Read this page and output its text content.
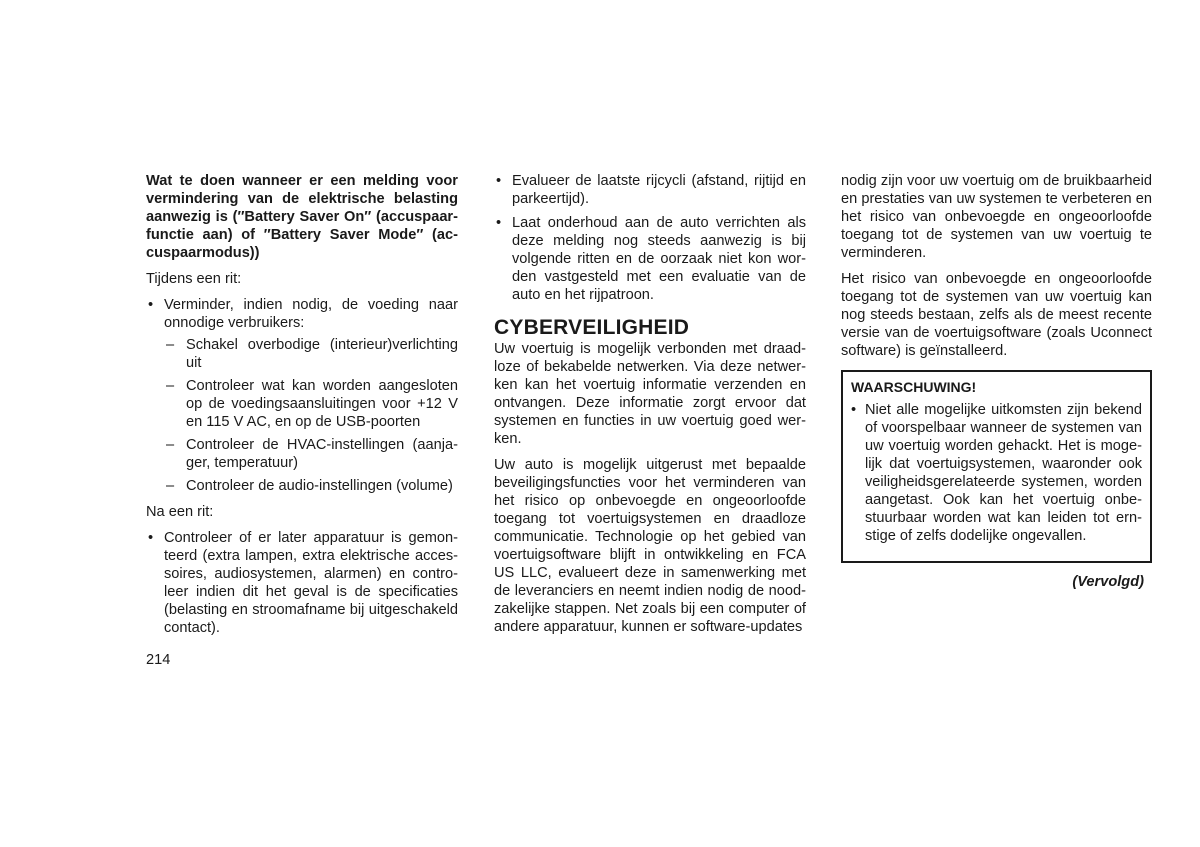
Wat te doen wanneer er een melding voor vermindering van de elektrische belasting aanwezig is (″Battery Saver On″ (accuspaarfunctie aan) of ″Battery Saver Mode″ (accuspaarmodus))

Tijdens een rit:

• Verminder, indien nodig, de voeding naar onnodige verbruikers:
– Schakel overbodige (interieur)verlichting uit
– Controleer wat kan worden aangesloten op de voedingsaansluitingen voor +12 V en 115 V AC, en op de USB-poorten
– Controleer de HVAC-instellingen (aanjager, temperatuur)
– Controleer de audio-instellingen (volume)

Na een rit:

• Controleer of er later apparatuur is gemonteerd (extra lampen, extra elektrische accessoires, audiosystemen, alarmen) en controleer indien dit het geval is de specificaties (belasting en stroomafname bij uitgeschakeld contact).
• Evalueer de laatste rijcycli (afstand, rijtijd en parkeertijd).
• Laat onderhoud aan de auto verrichten als deze melding nog steeds aanwezig is bij volgende ritten en de oorzaak niet kon worden vastgesteld met een evaluatie van de auto en het rijpatroon.
CYBERVEILIGHEID

Uw voertuig is mogelijk verbonden met draadloze of bekabelde netwerken. Via deze netwerken kan het voertuig informatie verzenden en ontvangen. Deze informatie zorgt ervoor dat systemen en functies in uw voertuig goed werken.

Uw auto is mogelijk uitgerust met bepaalde beveiligingsfuncties voor het verminderen van het risico op onbevoegde en ongeoorloofde toegang tot voertuigsystemen en draadloze communicatie. Technologie op het gebied van voertuigsoftware blijft in ontwikkeling en FCA US LLC, evalueert deze in samenwerking met de leveranciers en neemt indien nodig de noodzakelijke stappen. Net zoals bij een computer of andere apparatuur, kunnen er software-updates

nodig zijn voor uw voertuig om de bruikbaarheid en prestaties van uw systemen te verbeteren en het risico van onbevoegde en ongeoorloofde toegang tot de systemen van uw voertuig te verminderen.

Het risico van onbevoegde en ongeoorloofde toegang tot de systemen van uw voertuig kan nog steeds bestaan, zelfs als de meest recente versie van de voertuigsoftware (zoals Uconnect software) is geïnstalleerd.

WAARSCHUWING!
• Niet alle mogelijke uitkomsten zijn bekend of voorspelbaar wanneer de systemen van uw voertuig worden gehackt. Het is mogelijk dat voertuigsystemen, waaronder ook veiligheidsgerelateerde systemen, worden aangetast. Ook kan het voertuig onbestuurbaar worden wat kan leiden tot ernstige of zelfs dodelijke ongevallen.
(Vervolgd)
214
